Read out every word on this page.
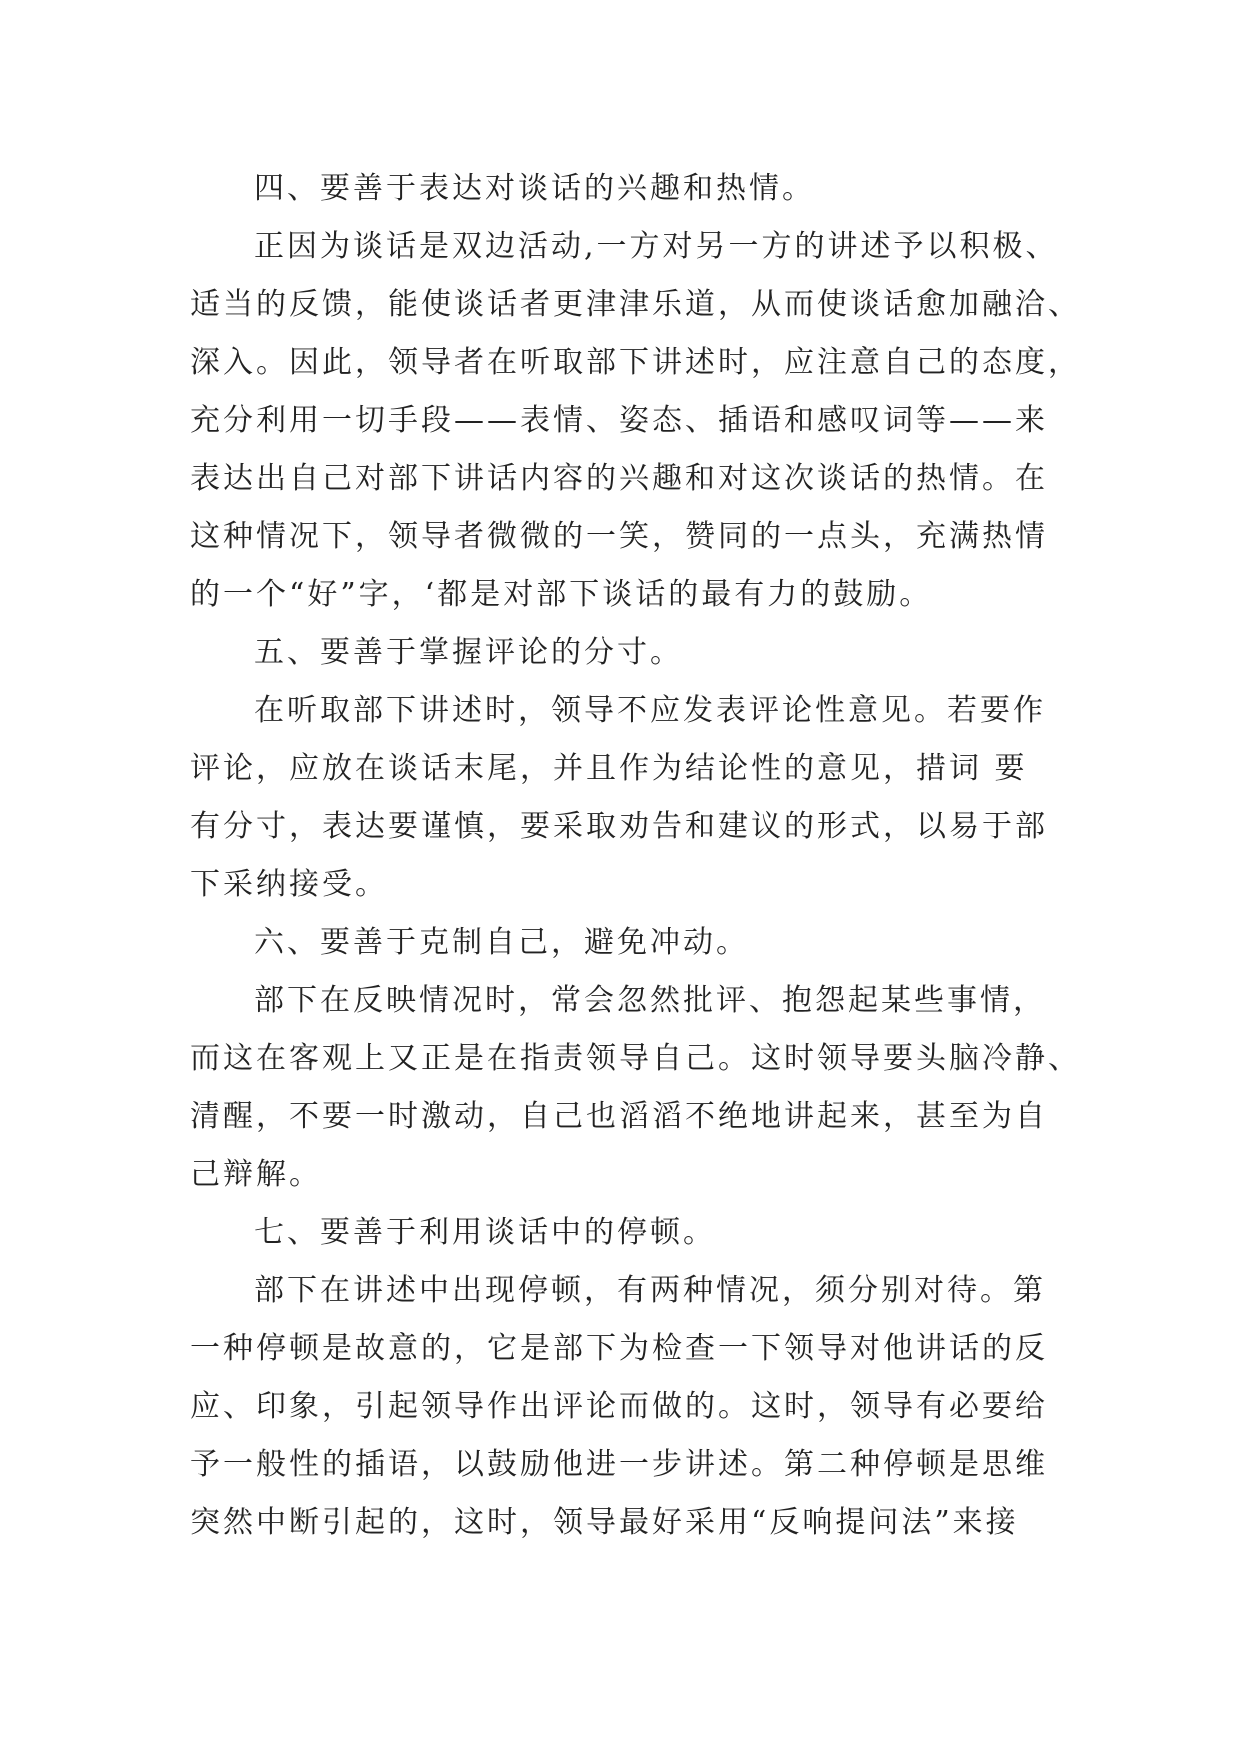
四、要善于表达对谈话的兴趣和热情。
正因为谈话是双边活动,一方对另一方的讲述予以积极、
适当的反馈，能使谈话者更津津乐道，从而使谈话愈加融洽、
深入。因此，领导者在听取部下讲述时，应注意自己的态度，
充分利用一切手段——表情、姿态、插语和感叹词等——来
表达出自己对部下讲话内容的兴趣和对这次谈话的热情。在
这种情况下，领导者微微的一笑，赞同的一点头，充满热情
的一个“好”字，‘都是对部下谈话的最有力的鼓励。
五、要善于掌握评论的分寸。
在听取部下讲述时，领导不应发表评论性意见。若要作
评论，应放在谈话末尾，并且作为结论性的意见，措词 要
有分寸，表达要谨慎，要采取劝告和建议的形式，以易于部
下采纳接受。
六、要善于克制自己，避免冲动。
部下在反映情况时，常会忽然批评、抱怨起某些事情，
而这在客观上又正是在指责领导自己。这时领导要头脑冷静、
清醒，不要一时激动，自己也滔滔不绝地讲起来，甚至为自
己辩解。
七、要善于利用谈话中的停顿。
部下在讲述中出现停顿，有两种情况，须分别对待。第
一种停顿是故意的，它是部下为检查一下领导对他讲话的反
应、印象，引起领导作出评论而做的。这时，领导有必要给
予一般性的插语，以鼓励他进一步讲述。第二种停顿是思维
突然中断引起的，这时，领导最好采用“反响提问法”来接
